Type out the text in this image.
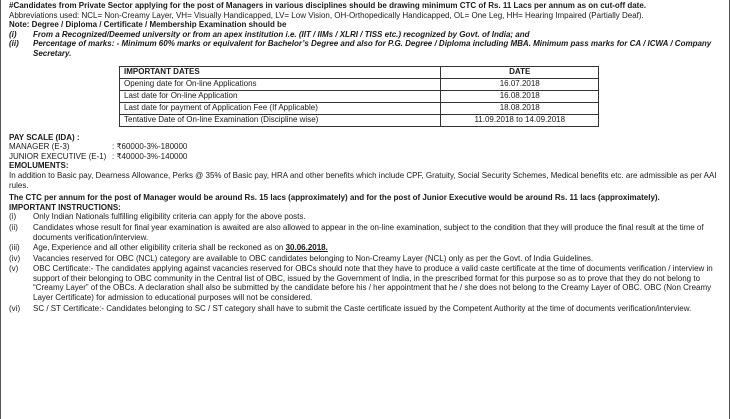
#Candidates from Private Sector applying for the post of Managers in various disciplines should be drawing minimum CTC of Rs. 11 Lacs per annum as on cut-off date.

Abbreviations used: NCL= Non-Creamy Layer, VH= Visually Handicapped, LV= Low Vision, OH-Orthopedically Handicapped, OL= One Leg, HH= Hearing Impaired (Partially Deaf).

Note: Degree / Diploma / Certificate / Membership Examination should be

(i)	From a Recognized/Deemed university or from an apex institution i.e. (IIT / IIMs / XLRI / TISS etc.) recognized by Govt. of India; and
(ii)	Percentage of marks: - Minimum 60% marks or equivalent for Bachelor’s Degree and also for P.G. Degree / Diploma including MBA. Minimum pass marks for CA / ICWA / Company Secretary.
IMPORTANT DATES	DATE
Opening date for On-line Applications	16.07.2018
Last date for On-line Application	16.08.2018
Last date for payment of Application Fee (If Applicable)	18.08.2018
Tentative Date of On-line Examination (Discipline wise)	11.09.2018 to 14.09.2018

PAY SCALE (IDA) :

MANAGER (E-3)	: ₹60000-3%-180000
JUNIOR EXECUTIVE (E-1) : ₹40000-3%-140000

EMOLUMENTS:

In addition to Basic pay, Dearness Allowance, Perks @ 35% of Basic pay, HRA and other benefits which include CPF, Gratuity, Social Security Schemes, Medical benefits etc. are admissible as per AAI rules.

The CTC per annum for the post of Manager would be around Rs. 15 lacs (approximately) and for the post of Junior Executive would be around Rs. 11 lacs (approximately).

IMPORTANT INSTRUCTIONS:

(i)	Only Indian Nationals fulfilling eligibility criteria can apply for the above posts.
(ii)	Candidates whose result for final year examination is awaited are also allowed to appear in the on-line examination, subject to the condition that they will produce the final result at the time of documents verification/interview.
(iii)	Age, Experience and all other eligibility criteria shall be reckoned as on 30.06.2018.
(iv)	Vacancies reserved for OBC (NCL) category are available to OBC candidates belonging to Non-Creamy Layer (NCL) only as per the Govt. of India Guidelines.
(v)	OBC Certificate:- The candidates applying against vacancies reserved for OBCs should note that they have to produce a valid caste certificate at the time of documents verification / interview in support of their belonging to OBC community in the Central list of OBC, issued by the Government of India, in the prescribed format for this purpose so as to prove that they do not belong to “Creamy Layer” of the OBCs. A declaration shall also be submitted by the candidate before his / her appointment that he / she does not belong to the Creamy Layer of OBC. OBC (Non Creamy Layer Certificate) for admission to educational purposes will not be considered.
(vi)	SC / ST Certificate:- Candidates belonging to SC / ST category shall have to submit the Caste certificate issued by the Competent Authority at the time of documents verification/interview.
